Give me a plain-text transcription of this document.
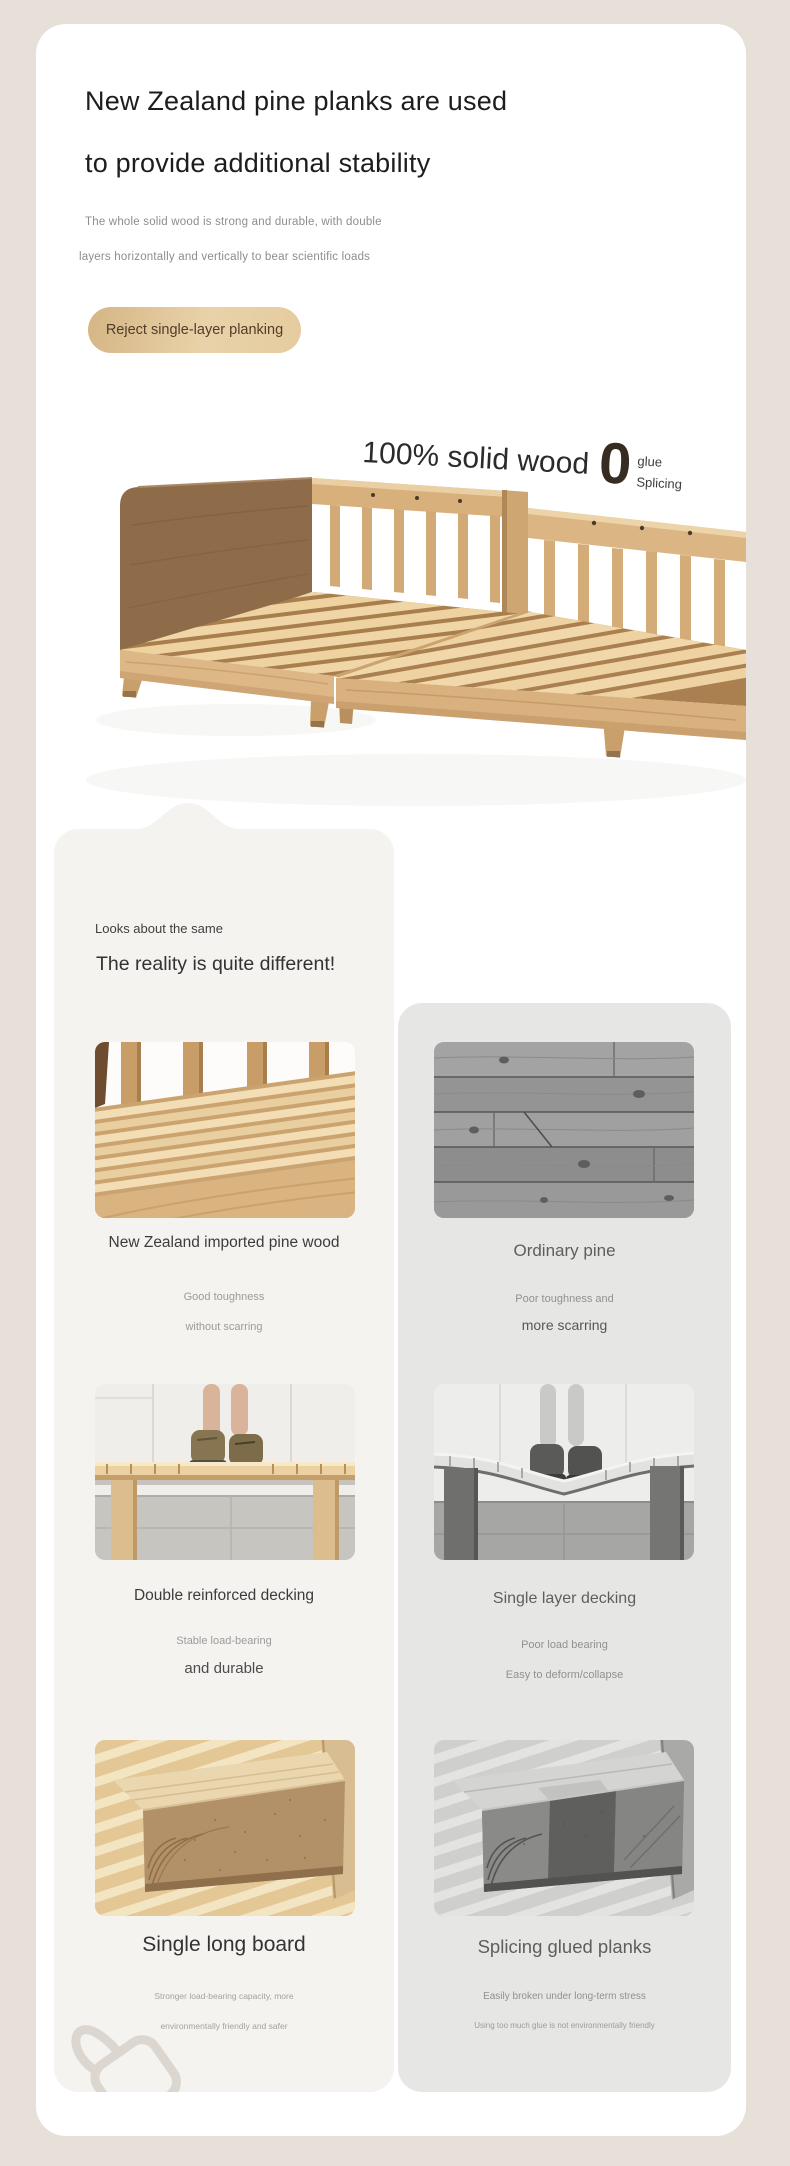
New Zealand pine planks are used
to provide additional stability
The whole solid wood is strong and durable, with double
layers horizontally and vertically to bear scientific loads
Reject single-layer planking
100% solid wood 0 glue
Splicing
Looks about the same
The reality is quite different!
New Zealand imported pine wood
Good toughness
without scarring
Double reinforced decking
Stable load-bearing
and durable
Single long board
Stronger load-bearing capacity, more
environmentally friendly and safer
Ordinary pine
Poor toughness and
more scarring
Single layer decking
Poor load bearing
Easy to deform/collapse
Splicing glued planks
Easily broken under long-term stress
Using too much glue is not environmentally friendly
